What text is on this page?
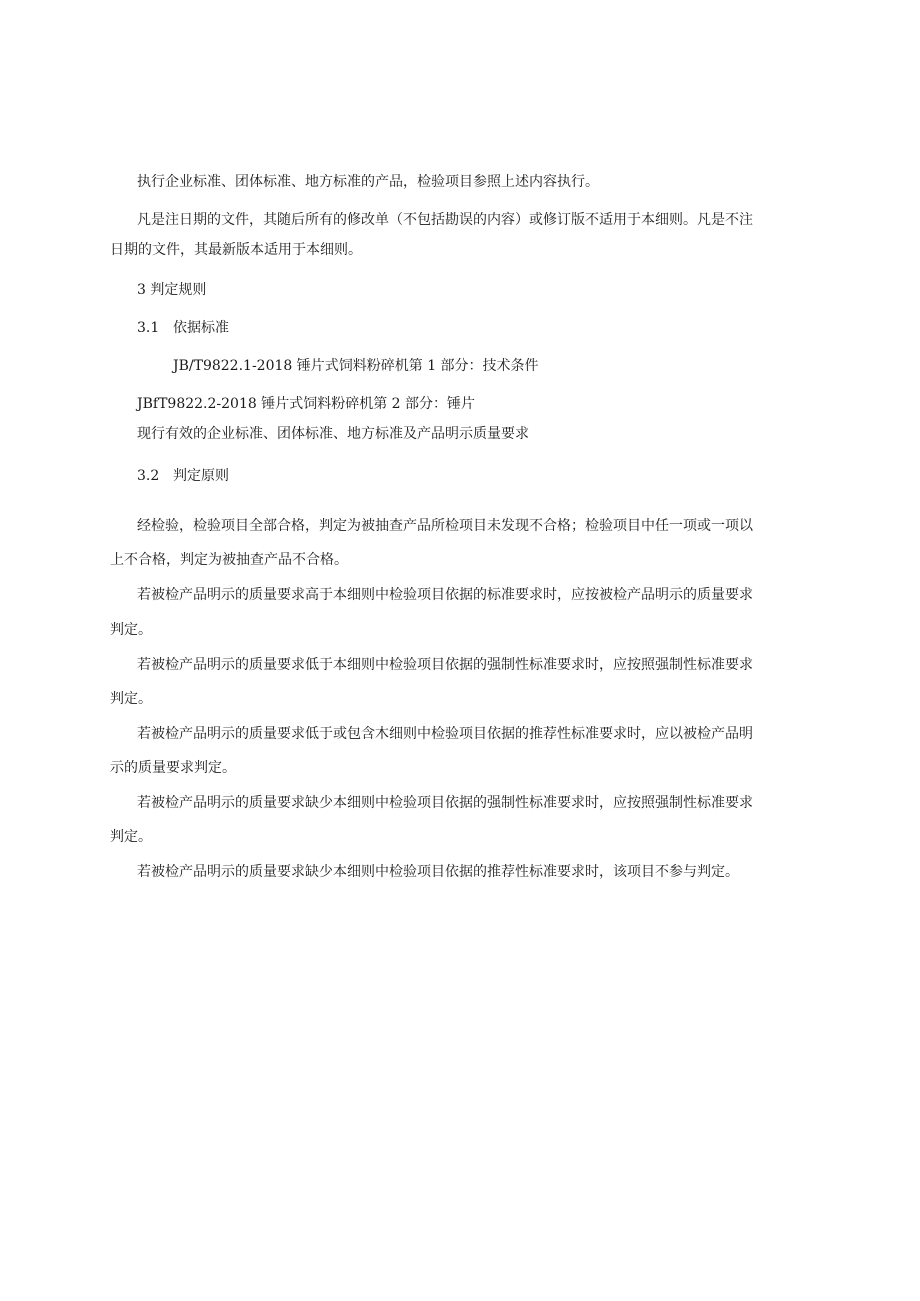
执行企业标准、团体标准、地方标准的产品，检验项目参照上述内容执行。
凡是注日期的文件，其随后所有的修改单（不包括勘误的内容）或修订版不适用于本细则。凡是不注
日期的文件，其最新版本适用于本细则。
3 判定规则
3.1 依据标准
JB/T9822.1-2018 锤片式饲料粉碎机第 1 部分：技术条件
JBfT9822.2-2018 锤片式饲料粉碎机第 2 部分：锤片
现行有效的企业标准、团体标准、地方标准及产品明示质量要求
3.2 判定原则
经检验，检验项目全部合格，判定为被抽查产品所检项目未发现不合格；检验项目中任一项或一项以
上不合格，判定为被抽查产品不合格。
若被检产品明示的质量要求高于本细则中检验项目依据的标准要求时，应按被检产品明示的质量要求
判定。
若被检产品明示的质量要求低于本细则中检验项目依据的强制性标准要求时，应按照强制性标准要求
判定。
若被检产品明示的质量要求低于或包含木细则中检验项目依据的推荐性标准要求时，应以被检产品明
示的质量要求判定。
若被检产品明示的质量要求缺少本细则中检验项目依据的强制性标准要求时，应按照强制性标准要求
判定。
若被检产品明示的质量要求缺少本细则中检验项目依据的推荐性标准要求时，该项目不参与判定。
